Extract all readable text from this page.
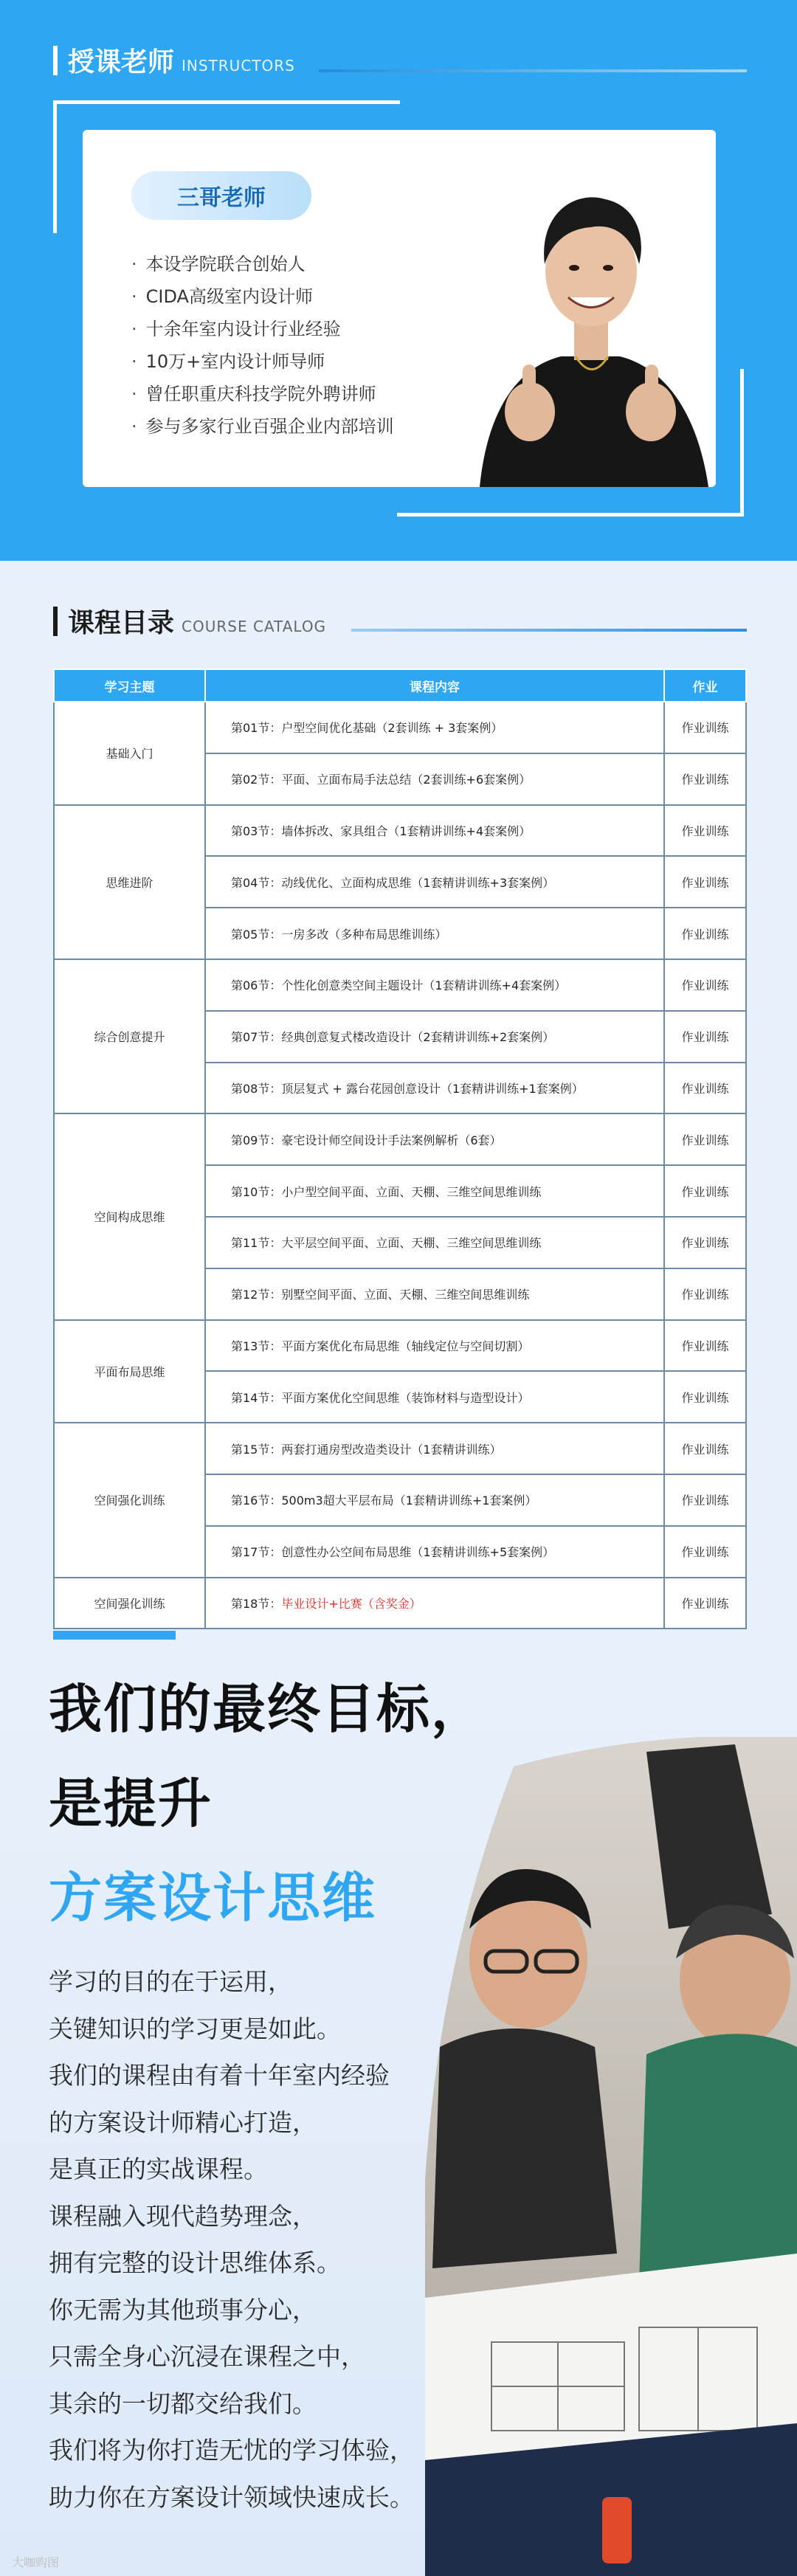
授课老师 INSTRUCTORS
三哥老师
· 本设学院联合创始人
· CIDA高级室内设计师
· 十余年室内设计行业经验
· 10万+室内设计师导师
· 曾任职重庆科技学院外聘讲师
· 参与多家行业百强企业内部培训
课程目录 COURSE CATALOG
学习主题	课程内容	作业
基础入门	第01节：户型空间优化基础（2套训练 + 3套案例）	作业训练
	第02节：平面、立面布局手法总结（2套训练+6套案例）	作业训练
思维进阶	第03节：墙体拆改、家具组合（1套精讲训练+4套案例）	作业训练
	第04节：动线优化、立面构成思维（1套精讲训练+3套案例）	作业训练
	第05节：一房多改（多种布局思维训练）	作业训练
综合创意提升	第06节：个性化创意类空间主题设计（1套精讲训练+4套案例）	作业训练
	第07节：经典创意复式楼改造设计（2套精讲训练+2套案例）	作业训练
	第08节：顶层复式 + 露台花园创意设计（1套精讲训练+1套案例）	作业训练
空间构成思维	第09节：豪宅设计师空间设计手法案例解析（6套）	作业训练
	第10节：小户型空间平面、立面、天棚、三维空间思维训练	作业训练
	第11节：大平层空间平面、立面、天棚、三维空间思维训练	作业训练
	第12节：别墅空间平面、立面、天棚、三维空间思维训练	作业训练
平面布局思维	第13节：平面方案优化布局思维（轴线定位与空间切割）	作业训练
	第14节：平面方案优化空间思维（装饰材料与造型设计）	作业训练
空间强化训练	第15节：两套打通房型改造类设计（1套精讲训练）	作业训练
	第16节：500m3超大平层布局（1套精讲训练+1套案例）	作业训练
	第17节：创意性办公空间布局思维（1套精讲训练+5套案例）	作业训练
空间强化训练	第18节：毕业设计+比赛（含奖金）	作业训练
我们的最终目标，
是提升
方案设计思维

学习的目的在于运用，

关键知识的学习更是如此。

我们的课程由有着十年室内经验

的方案设计师精心打造，

是真正的实战课程。

课程融入现代趋势理念，

拥有完整的设计思维体系。

你无需为其他琐事分心，

只需全身心沉浸在课程之中，

其余的一切都交给我们。

我们将为你打造无忧的学习体验，

助力你在方案设计领域快速成长。

大咖购图
